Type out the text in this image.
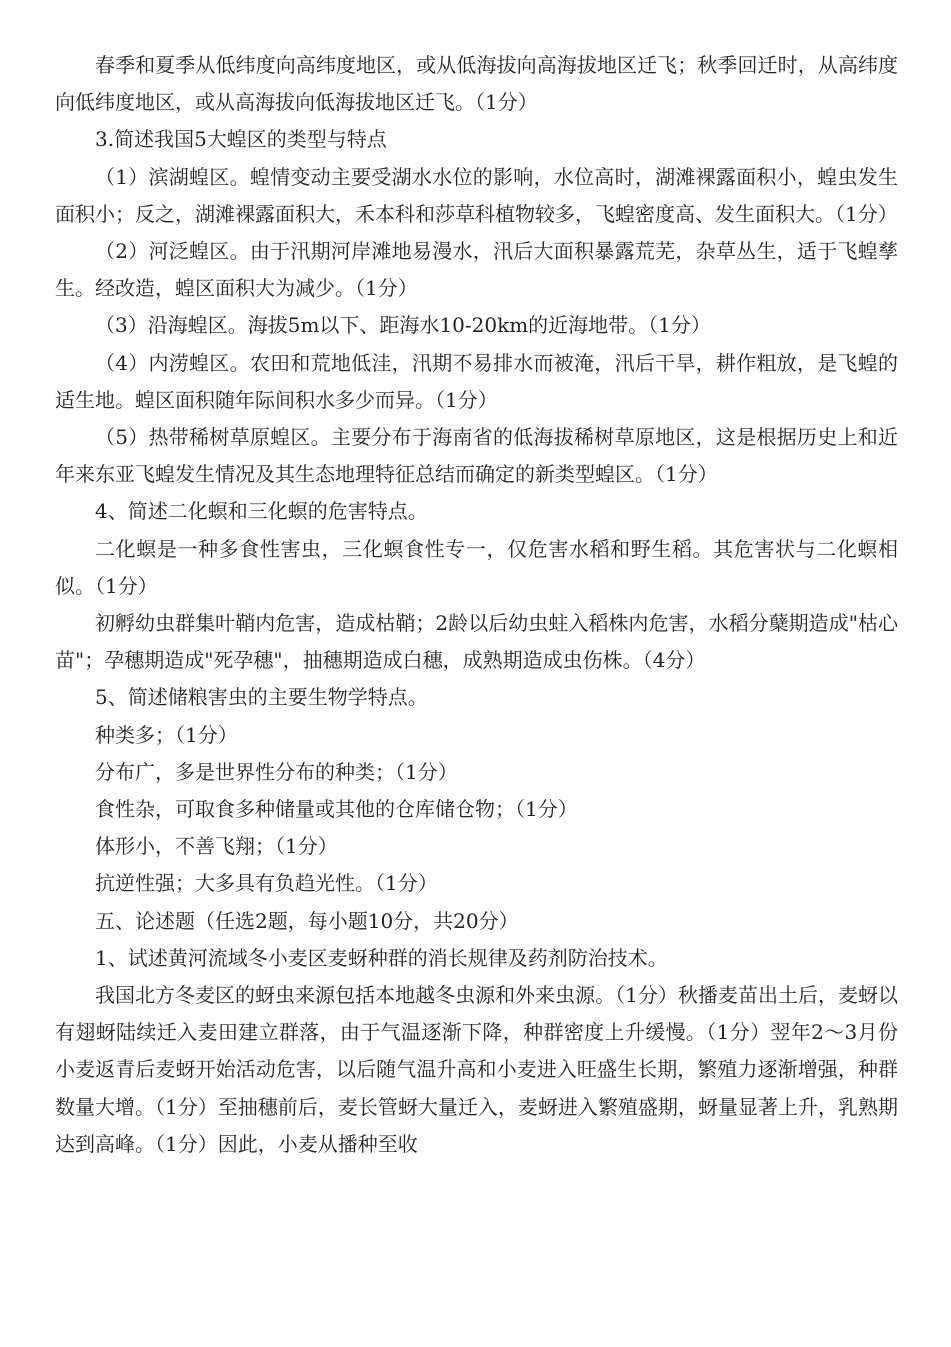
春季和夏季从低纬度向高纬度地区，或从低海拔向高海拔地区迁飞；秋季回迁时，从高纬度向低纬度地区，或从高海拔向低海拔地区迁飞。（1分）

3.简述我国5大蝗区的类型与特点

（1）滨湖蝗区。蝗情变动主要受湖水水位的影响，水位高时，湖滩裸露面积小，蝗虫发生面积小；反之，湖滩裸露面积大，禾本科和莎草科植物较多，飞蝗密度高、发生面积大。（1分）

（2）河泛蝗区。由于汛期河岸滩地易漫水，汛后大面积暴露荒芜，杂草丛生，适于飞蝗孳生。经改造，蝗区面积大为减少。（1分）

（3）沿海蝗区。海拔5m以下、距海水10-20km的近海地带。（1分）

（4）内涝蝗区。农田和荒地低洼，汛期不易排水而被淹，汛后干旱，耕作粗放，是飞蝗的适生地。蝗区面积随年际间积水多少而异。（1分）

（5）热带稀树草原蝗区。主要分布于海南省的低海拔稀树草原地区，这是根据历史上和近年来东亚飞蝗发生情况及其生态地理特征总结而确定的新类型蝗区。（1分）

4、简述二化螟和三化螟的危害特点。

二化螟是一种多食性害虫，三化螟食性专一，仅危害水稻和野生稻。其危害状与二化螟相似。（1分）

初孵幼虫群集叶鞘内危害，造成枯鞘；2龄以后幼虫蛀入稻株内危害，水稻分蘖期造成"枯心苗"；孕穗期造成"死孕穗"，抽穗期造成白穗，成熟期造成虫伤株。（4分）

5、简述储粮害虫的主要生物学特点。

种类多；（1分）

分布广，多是世界性分布的种类；（1分）

食性杂，可取食多种储量或其他的仓库储仓物；（1分）

体形小，不善飞翔；（1分）

抗逆性强；大多具有负趋光性。（1分）

五、论述题（任选2题，每小题10分，共20分）

1、试述黄河流域冬小麦区麦蚜种群的消长规律及药剂防治技术。

我国北方冬麦区的蚜虫来源包括本地越冬虫源和外来虫源。（1分）秋播麦苗出土后，麦蚜以有翅蚜陆续迁入麦田建立群落，由于气温逐渐下降，种群密度上升缓慢。（1分）翌年2～3月份小麦返青后麦蚜开始活动危害，以后随气温升高和小麦进入旺盛生长期，繁殖力逐渐增强，种群数量大增。（1分）至抽穗前后，麦长管蚜大量迁入，麦蚜进入繁殖盛期，蚜量显著上升，乳熟期达到高峰。（1分）因此，小麦从播种至收
